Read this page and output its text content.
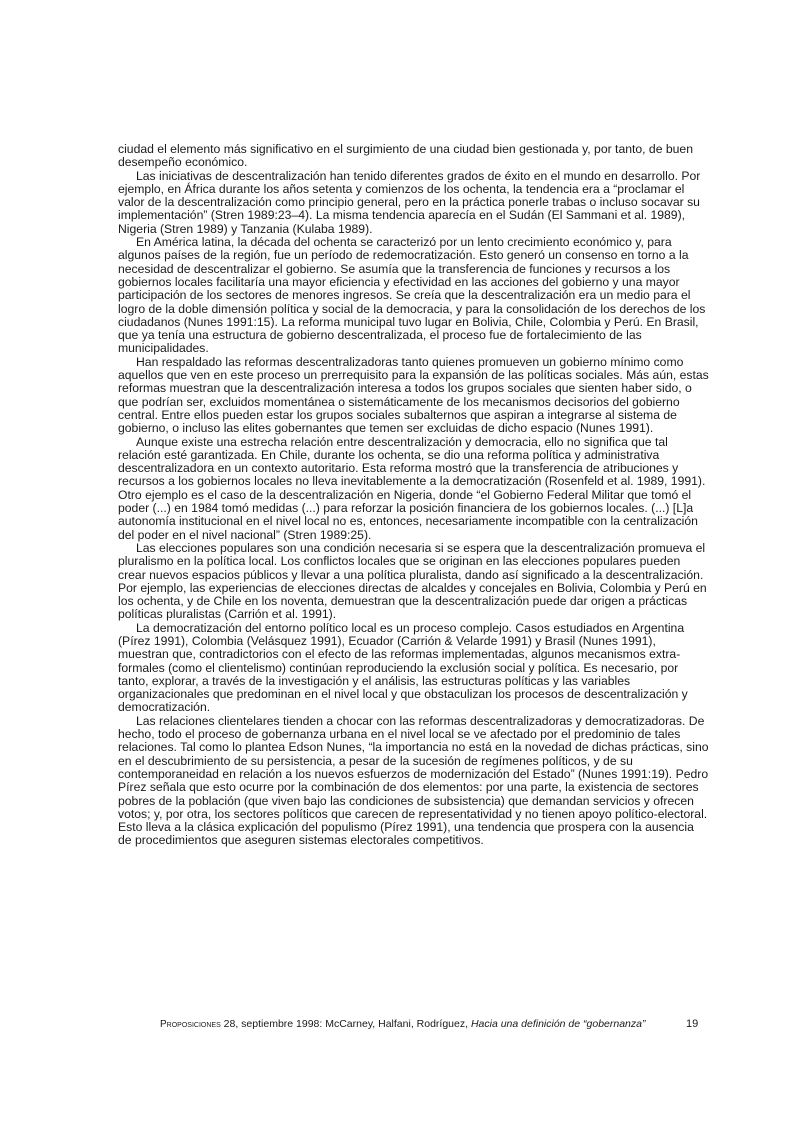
ciudad el elemento más significativo en el surgimiento de una ciudad bien gestionada y, por tanto, de buen desempeño económico.

Las iniciativas de descentralización han tenido diferentes grados de éxito en el mundo en desarrollo. Por ejemplo, en África durante los años setenta y comienzos de los ochenta, la tendencia era a “proclamar el valor de la descentralización como principio general, pero en la práctica ponerle trabas o incluso socavar su implementación” (Stren 1989:23–4). La misma tendencia aparecía en el Sudán (El Sammani et al. 1989), Nigeria (Stren 1989) y Tanzania (Kulaba 1989).

En América latina, la década del ochenta se caracterizó por un lento crecimiento económico y, para algunos países de la región, fue un período de redemocratización. Esto generó un consenso en torno a la necesidad de descentralizar el gobierno. Se asumía que la transferencia de funciones y recursos a los gobiernos locales facilitaría una mayor eficiencia y efectividad en las acciones del gobierno y una mayor participación de los sectores de menores ingresos. Se creía que la descentralización era un medio para el logro de la doble dimensión política y social de la democracia, y para la consolidación de los derechos de los ciudadanos (Nunes 1991:15). La reforma municipal tuvo lugar en Bolivia, Chile, Colombia y Perú. En Brasil, que ya tenía una estructura de gobierno descentralizada, el proceso fue de fortalecimiento de las municipalidades.

Han respaldado las reformas descentralizadoras tanto quienes promueven un gobierno mínimo como aquellos que ven en este proceso un prerrequisito para la expansión de las políticas sociales. Más aún, estas reformas muestran que la descentralización interesa a todos los grupos sociales que sienten haber sido, o que podrían ser, excluidos momentánea o sistemáticamente de los mecanismos decisorios del gobierno central. Entre ellos pueden estar los grupos sociales subalternos que aspiran a integrarse al sistema de gobierno, o incluso las elites gobernantes que temen ser excluidas de dicho espacio (Nunes 1991).

Aunque existe una estrecha relación entre descentralización y democracia, ello no significa que tal relación esté garantizada. En Chile, durante los ochenta, se dio una reforma política y administrativa descentralizadora en un contexto autoritario. Esta reforma mostró que la transferencia de atribuciones y recursos a los gobiernos locales no lleva inevitablemente a la democratización (Rosenfeld et al. 1989, 1991). Otro ejemplo es el caso de la descentralización en Nigeria, donde “el Gobierno Federal Militar que tomó el poder (...) en 1984 tomó medidas (...) para reforzar la posición financiera de los gobiernos locales. (...) [L]a autonomía institucional en el nivel local no es, entonces, necesariamente incompatible con la centralización del poder en el nivel nacional” (Stren 1989:25).

Las elecciones populares son una condición necesaria si se espera que la descentralización promueva el pluralismo en la política local. Los conflictos locales que se originan en las elecciones populares pueden crear nuevos espacios públicos y llevar a una política pluralista, dando así significado a la descentralización. Por ejemplo, las experiencias de elecciones directas de alcaldes y concejales en Bolivia, Colombia y Perú en los ochenta, y de Chile en los noventa, demuestran que la descentralización puede dar origen a prácticas políticas pluralistas (Carrión et al. 1991).

La democratización del entorno político local es un proceso complejo. Casos estudiados en Argentina (Pírez 1991), Colombia (Velásquez 1991), Ecuador (Carrión & Velarde 1991) y Brasil (Nunes 1991), muestran que, contradictorios con el efecto de las reformas implementadas, algunos mecanismos extra-formales (como el clientelismo) continúan reproduciendo la exclusión social y política. Es necesario, por tanto, explorar, a través de la investigación y el análisis, las estructuras políticas y las variables organizacionales que predominan en el nivel local y que obstaculizan los procesos de descentralización y democratización.

Las relaciones clientelares tienden a chocar con las reformas descentralizadoras y democratizadoras. De hecho, todo el proceso de gobernanza urbana en el nivel local se ve afectado por el predominio de tales relaciones. Tal como lo plantea Edson Nunes, “la importancia no está en la novedad de dichas prácticas, sino en el descubrimiento de su persistencia, a pesar de la sucesión de regímenes políticos, y de su contemporaneidad en relación a los nuevos esfuerzos de modernización del Estado” (Nunes 1991:19). Pedro Pírez señala que esto ocurre por la combinación de dos elementos: por una parte, la existencia de sectores pobres de la población (que viven bajo las condiciones de subsistencia) que demandan servicios y ofrecen votos; y, por otra, los sectores políticos que carecen de representatividad y no tienen apoyo político-electoral. Esto lleva a la clásica explicación del populismo (Pírez 1991), una tendencia que prospera con la ausencia de procedimientos que aseguren sistemas electorales competitivos.

Proposiciones 28, septiembre 1998: McCarney, Halfani, Rodríguez, Hacia una definición de “gobernanza”	19
